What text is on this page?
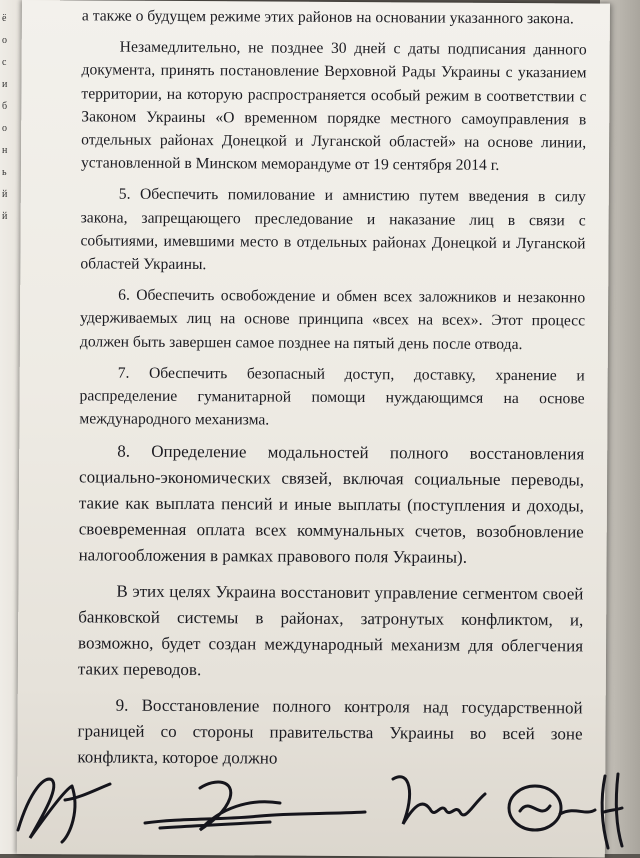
ё
о
с
и
б
о
н
ь
й
й

а также о будущем режиме этих районов на основании указанного закона.

Незамедлительно, не позднее 30 дней с даты подписания данного документа, принять постановление Верховной Рады Украины с указанием территории, на которую распространяется особый режим в соответствии с Законом Украины «О временном порядке местного самоуправления в отдельных районах Донецкой и Луганской областей» на основе линии, установленной в Минском меморандуме от 19 сентября 2014 г.

5. Обеспечить помилование и амнистию путем введения в силу закона, запрещающего преследование и наказание лиц в связи с событиями, имевшими место в отдельных районах Донецкой и Луганской областей Украины.

6. Обеспечить освобождение и обмен всех заложников и незаконно удерживаемых лиц на основе принципа «всех на всех». Этот процесс должен быть завершен самое позднее на пятый день после отвода.

7. Обеспечить безопасный доступ, доставку, хранение и распределение гуманитарной помощи нуждающимся на основе международного механизма.

8. Определение модальностей полного восстановления социально-экономических связей, включая социальные переводы, такие как выплата пенсий и иные выплаты (поступления и доходы, своевременная оплата всех коммунальных счетов, возобновление налогообложения в рамках правового поля Украины).

В этих целях Украина восстановит управление сегментом своей банковской системы в районах, затронутых конфликтом, и, возможно, будет создан международный механизм для облегчения таких переводов.

9. Восстановление полного контроля над государственной границей со стороны правительства Украины во всей зоне конфликта, которое должно
